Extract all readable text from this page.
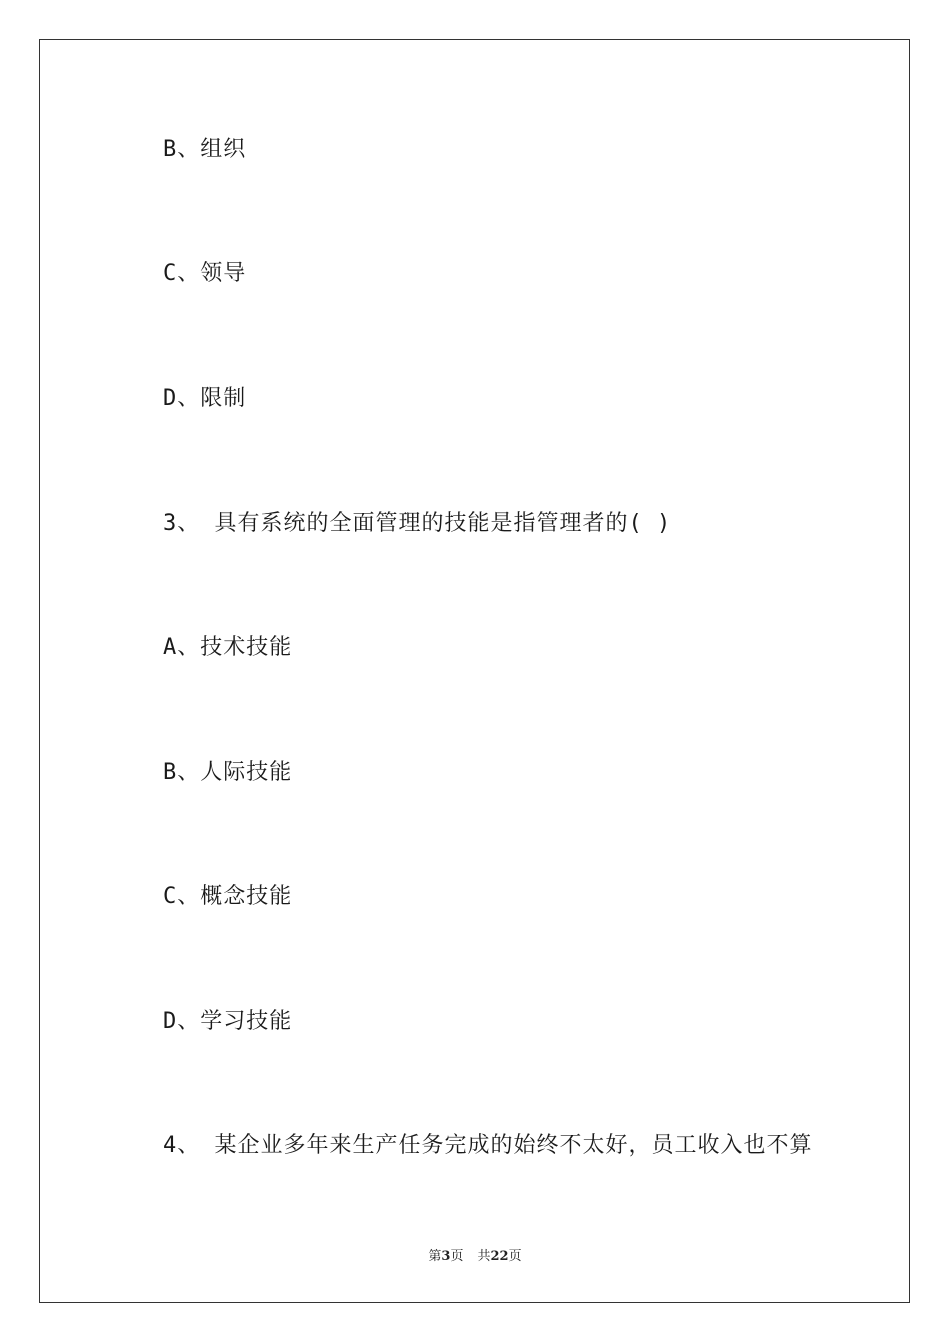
B、组织
C、领导
D、限制
3、 具有系统的全面管理的技能是指管理者的( )
A、技术技能
B、人际技能
C、概念技能
D、学习技能
4、 某企业多年来生产任务完成的始终不太好，员工收入也不算
第3页 共22页
